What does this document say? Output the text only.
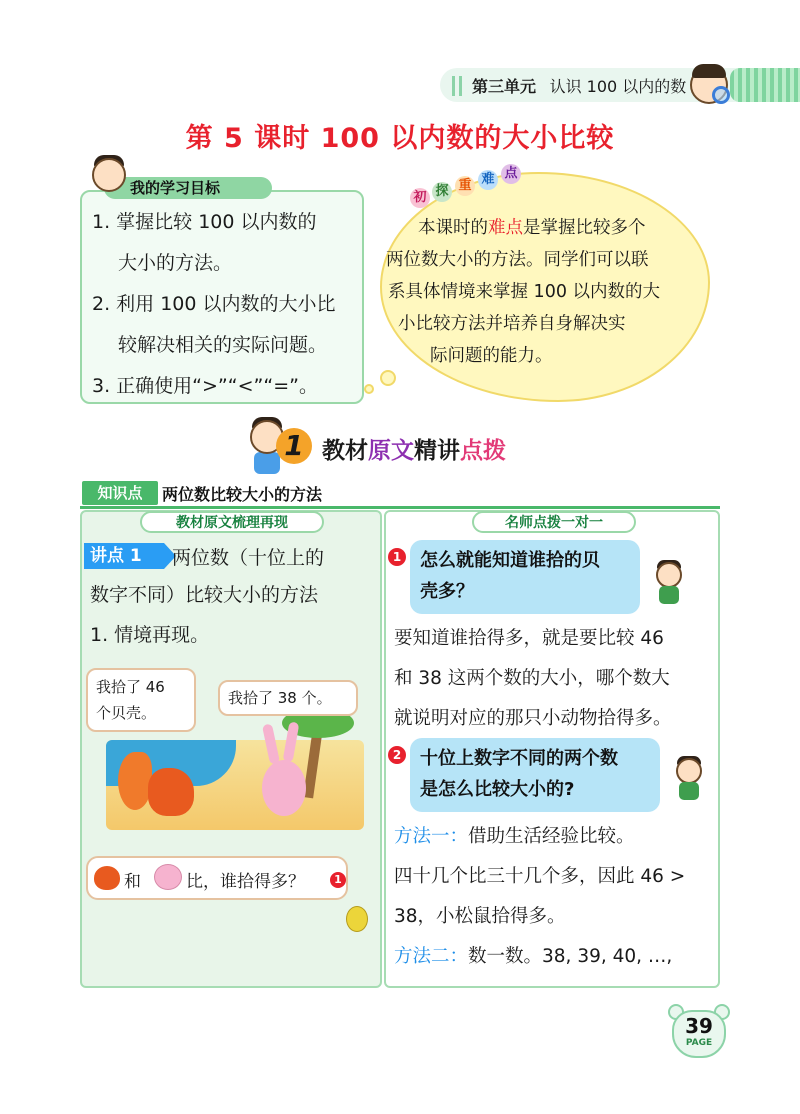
第三单元 认识 100 以内的数
第 5 课时 100 以内数的大小比较
我的学习目标
1. 掌握比较 100 以内数的
大小的方法。
2. 利用 100 以内数的大小比
较解决相关的实际问题。
3. 正确使用“>”“<”“=”。
初 探 重 难 点
本课时的难点是掌握比较多个
两位数大小的方法。同学们可以联
系具体情境来掌握 100 以内数的大
小比较方法并培养自身解决实
际问题的能力。
1 教材原文精讲点拨
知识点	两位数比较大小的方法
教材原文梳理再现	名师点拨一对一
讲点 1	两位数（十位上的
数字不同）比较大小的方法
1. 情境再现。
我拾了 46
个贝壳。
我拾了 38 个。
和	比，谁拾得多？	1
1 怎么就能知道谁拾的贝
壳多？
要知道谁拾得多，就是要比较 46
和 38 这两个数的大小，哪个数大
就说明对应的那只小动物拾得多。
2 十位上数字不同的两个数
是怎么比较大小的?
方法一：借助生活经验比较。
四十几个比三十几个多，因此 46 >
38，小松鼠拾得多。
方法二：数一数。38, 39, 40, …,
39
PAGE
